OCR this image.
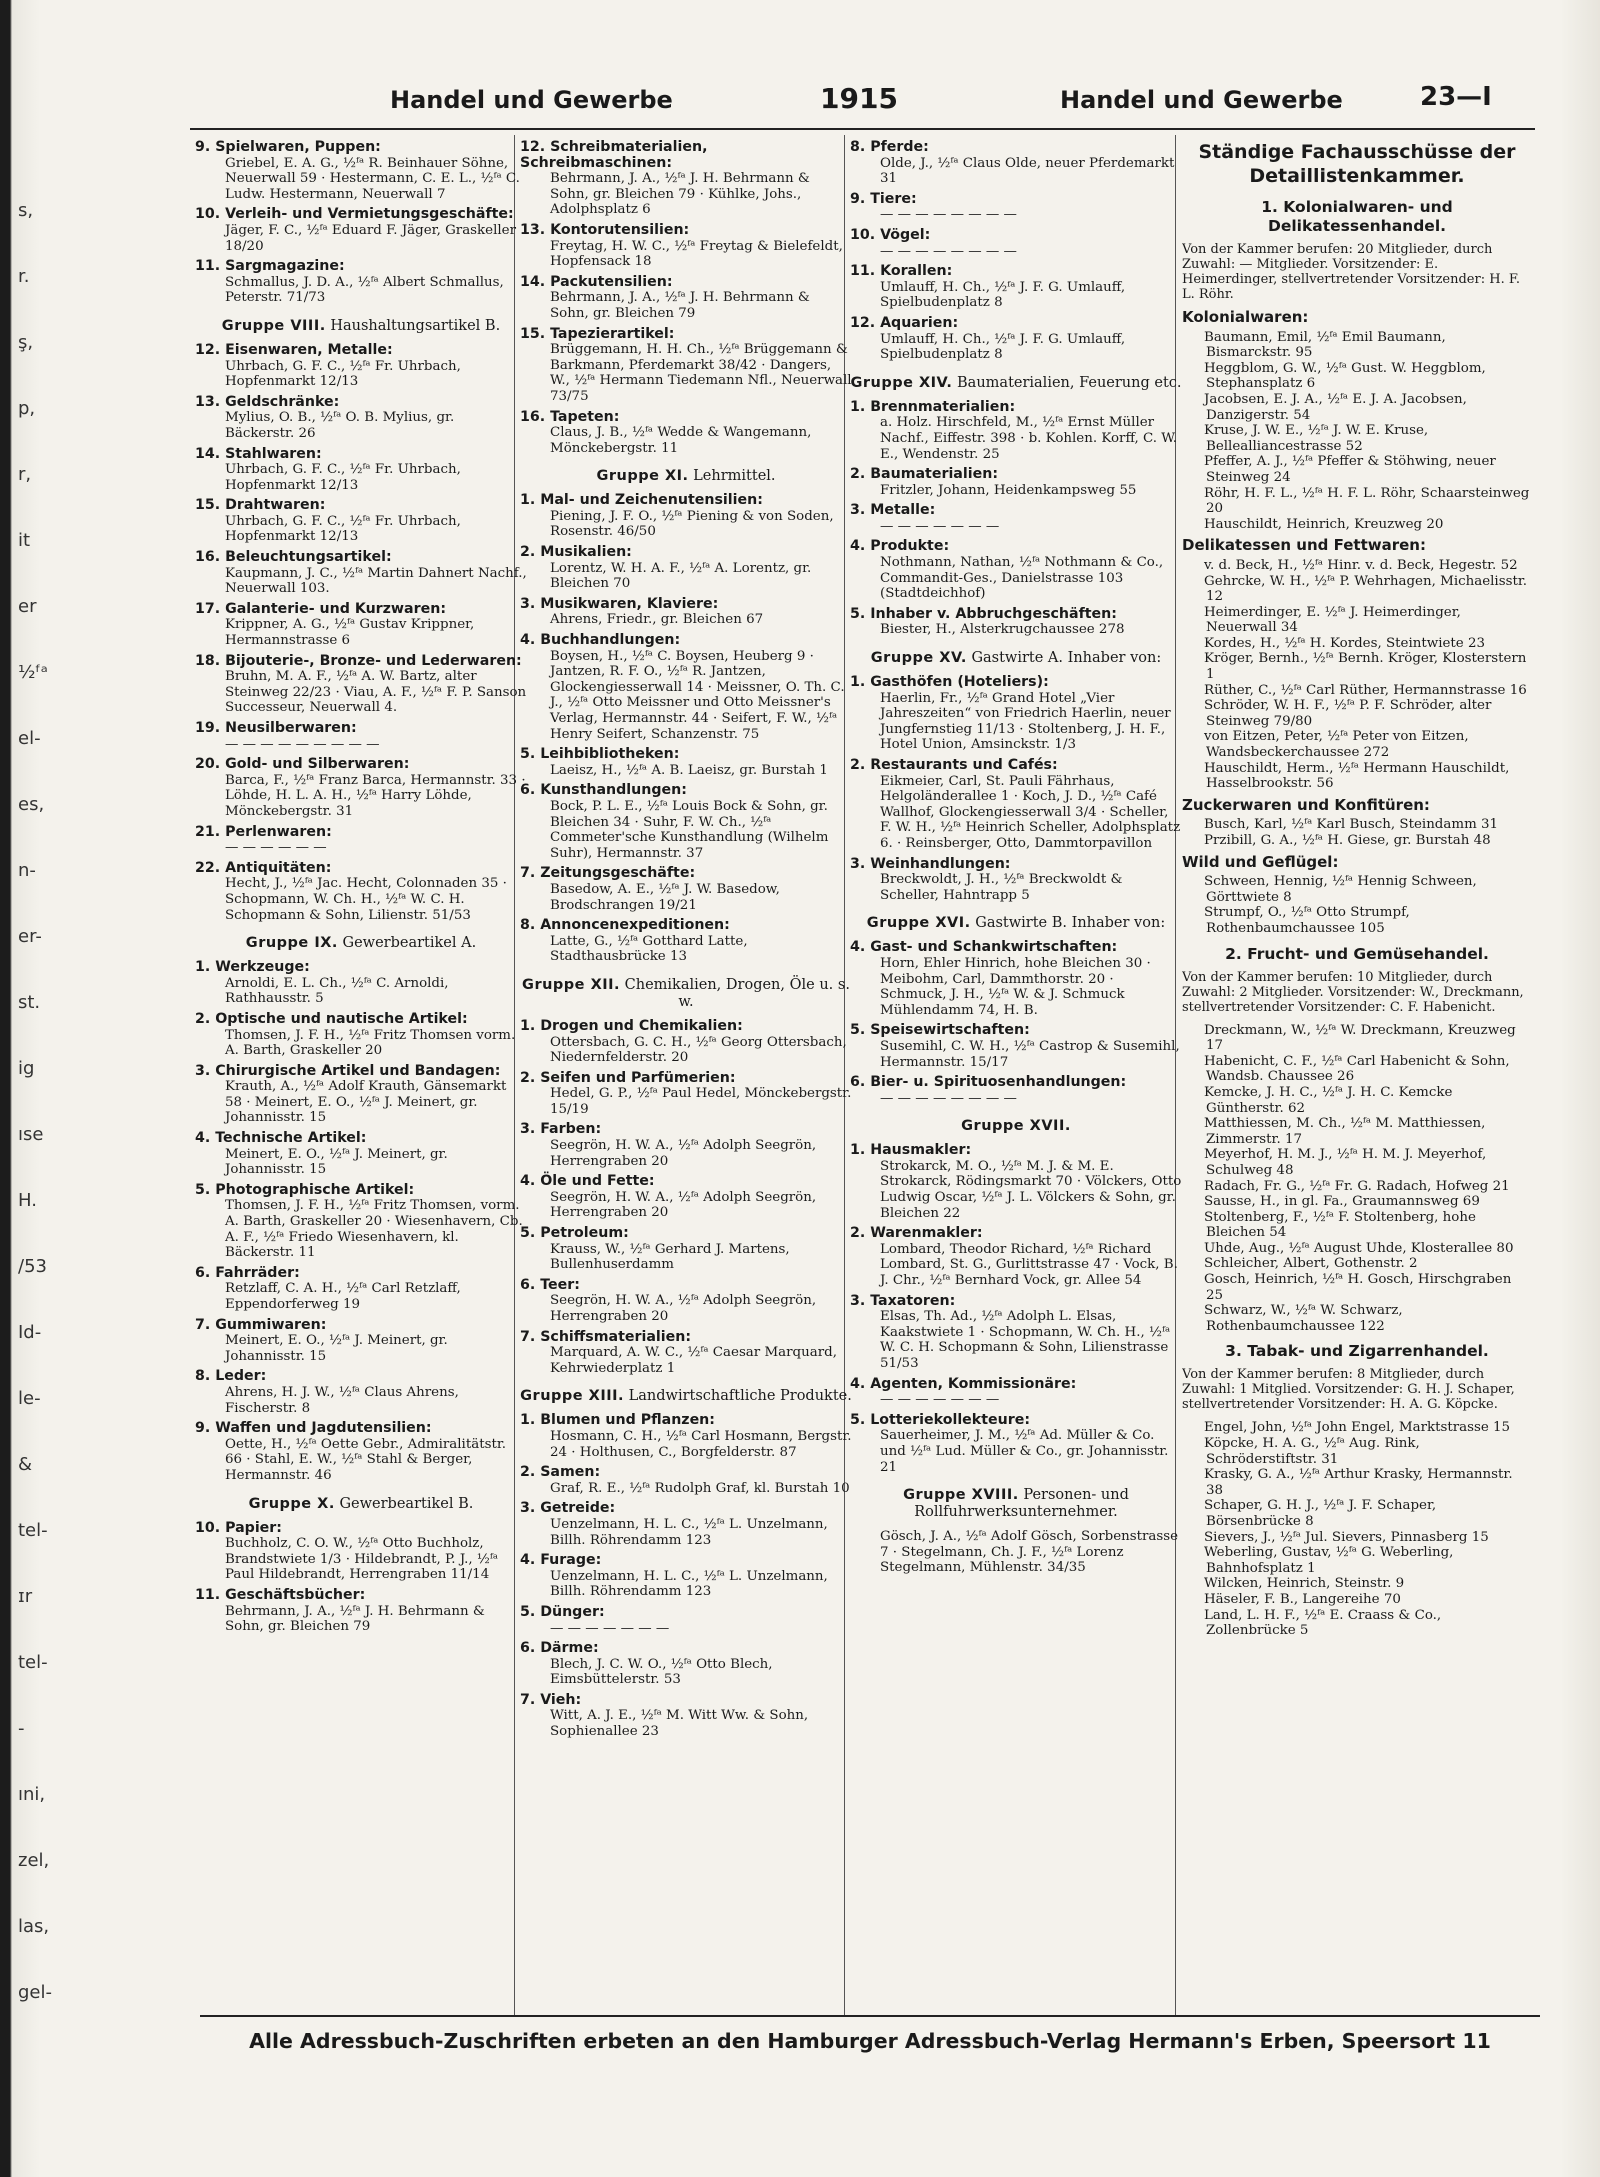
s,
r.
ş,
p,
r,
it
er
½ᶠᵃ
el-
es,
n-
er-
st.
ig
ıse
H.
/53
Id-
le-
&
tel-
ɪr
tel-
-
ıni,
zel,
las,
gel-
Handel und Gewerbe	1915	Handel und Gewerbe	23—I
9. Spielwaren, Puppen:
Griebel, E. A. G., ½ᶠᵃ R. Beinhauer Söhne, Neuerwall 59 · Hestermann, C. E. L., ½ᶠᵃ C. Ludw. Hestermann, Neuerwall 7
10. Verleih- und Vermietungsgeschäfte:
Jäger, F. C., ½ᶠᵃ Eduard F. Jäger, Graskeller 18/20
11. Sargmagazine:
Schmallus, J. D. A., ½ᶠᵃ Albert Schmallus, Peterstr. 71/73
Gruppe VIII. Haushaltungsartikel B.
12. Eisenwaren, Metalle:
Uhrbach, G. F. C., ½ᶠᵃ Fr. Uhrbach, Hopfenmarkt 12/13
13. Geldschränke:
Mylius, O. B., ½ᶠᵃ O. B. Mylius, gr. Bäckerstr. 26
14. Stahlwaren:
Uhrbach, G. F. C., ½ᶠᵃ Fr. Uhrbach, Hopfenmarkt 12/13
15. Drahtwaren:
Uhrbach, G. F. C., ½ᶠᵃ Fr. Uhrbach, Hopfenmarkt 12/13
16. Beleuchtungsartikel:
Kaupmann, J. C., ½ᶠᵃ Martin Dahnert Nachf., Neuerwall 103.
17. Galanterie- und Kurzwaren:
Krippner, A. G., ½ᶠᵃ Gustav Krippner, Hermannstrasse 6
18. Bijouterie-, Bronze- und Lederwaren:
Bruhn, M. A. F., ½ᶠᵃ A. W. Bartz, alter Steinweg 22/23 · Viau, A. F., ½ᶠᵃ F. P. Sanson Successeur, Neuerwall 4.
19. Neusilberwaren:
— — — — — — — — —
20. Gold- und Silberwaren:
Barca, F., ½ᶠᵃ Franz Barca, Hermannstr. 33 · Löhde, H. L. A. H., ½ᶠᵃ Harry Löhde, Mönckebergstr. 31
21. Perlenwaren:
— — — — — —
22. Antiquitäten:
Hecht, J., ½ᶠᵃ Jac. Hecht, Colonnaden 35 · Schopmann, W. Ch. H., ½ᶠᵃ W. C. H. Schopmann & Sohn, Lilienstr. 51/53
Gruppe IX. Gewerbeartikel A.
1. Werkzeuge:
Arnoldi, E. L. Ch., ½ᶠᵃ C. Arnoldi, Rathhausstr. 5
2. Optische und nautische Artikel:
Thomsen, J. F. H., ½ᶠᵃ Fritz Thomsen vorm. A. Barth, Graskeller 20
3. Chirurgische Artikel und Bandagen:
Krauth, A., ½ᶠᵃ Adolf Krauth, Gänsemarkt 58 · Meinert, E. O., ½ᶠᵃ J. Meinert, gr. Johannisstr. 15
4. Technische Artikel:
Meinert, E. O., ½ᶠᵃ J. Meinert, gr. Johannisstr. 15
5. Photographische Artikel:
Thomsen, J. F. H., ½ᶠᵃ Fritz Thomsen, vorm. A. Barth, Graskeller 20 · Wiesenhavern, Cb. A. F., ½ᶠᵃ Friedo Wiesenhavern, kl. Bäckerstr. 11
6. Fahrräder:
Retzlaff, C. A. H., ½ᶠᵃ Carl Retzlaff, Eppendorferweg 19
7. Gummiwaren:
Meinert, E. O., ½ᶠᵃ J. Meinert, gr. Johannisstr. 15
8. Leder:
Ahrens, H. J. W., ½ᶠᵃ Claus Ahrens, Fischerstr. 8
9. Waffen und Jagdutensilien:
Oette, H., ½ᶠᵃ Oette Gebr., Admiralitätstr. 66 · Stahl, E. W., ½ᶠᵃ Stahl & Berger, Hermannstr. 46
Gruppe X. Gewerbeartikel B.
10. Papier:
Buchholz, C. O. W., ½ᶠᵃ Otto Buchholz, Brandstwiete 1/3 · Hildebrandt, P. J., ½ᶠᵃ Paul Hildebrandt, Herrengraben 11/14
11. Geschäftsbücher:
Behrmann, J. A., ½ᶠᵃ J. H. Behrmann & Sohn, gr. Bleichen 79
12. Schreibmaterialien, Schreibmaschinen:
Behrmann, J. A., ½ᶠᵃ J. H. Behrmann & Sohn, gr. Bleichen 79 · Kühlke, Johs., Adolphsplatz 6
13. Kontorutensilien:
Freytag, H. W. C., ½ᶠᵃ Freytag & Bielefeldt, Hopfensack 18
14. Packutensilien:
Behrmann, J. A., ½ᶠᵃ J. H. Behrmann & Sohn, gr. Bleichen 79
15. Tapezierartikel:
Brüggemann, H. H. Ch., ½ᶠᵃ Brüggemann & Barkmann, Pferdemarkt 38/42 · Dangers, W., ½ᶠᵃ Hermann Tiedemann Nfl., Neuerwall 73/75
16. Tapeten:
Claus, J. B., ½ᶠᵃ Wedde & Wangemann, Mönckebergstr. 11
Gruppe XI. Lehrmittel.
1. Mal- und Zeichenutensilien:
Piening, J. F. O., ½ᶠᵃ Piening & von Soden, Rosenstr. 46/50
2. Musikalien:
Lorentz, W. H. A. F., ½ᶠᵃ A. Lorentz, gr. Bleichen 70
3. Musikwaren, Klaviere:
Ahrens, Friedr., gr. Bleichen 67
4. Buchhandlungen:
Boysen, H., ½ᶠᵃ C. Boysen, Heuberg 9 · Jantzen, R. F. O., ½ᶠᵃ R. Jantzen, Glockengiesserwall 14 · Meissner, O. Th. C. J., ½ᶠᵃ Otto Meissner und Otto Meissner's Verlag, Hermannstr. 44 · Seifert, F. W., ½ᶠᵃ Henry Seifert, Schanzenstr. 75
5. Leihbibliotheken:
Laeisz, H., ½ᶠᵃ A. B. Laeisz, gr. Burstah 1
6. Kunsthandlungen:
Bock, P. L. E., ½ᶠᵃ Louis Bock & Sohn, gr. Bleichen 34 · Suhr, F. W. Ch., ½ᶠᵃ Commeter'sche Kunsthandlung (Wilhelm Suhr), Hermannstr. 37
7. Zeitungsgeschäfte:
Basedow, A. E., ½ᶠᵃ J. W. Basedow, Brodschrangen 19/21
8. Annoncenexpeditionen:
Latte, G., ½ᶠᵃ Gotthard Latte, Stadthausbrücke 13
Gruppe XII. Chemikalien, Drogen, Öle u. s. w.
1. Drogen und Chemikalien:
Ottersbach, G. C. H., ½ᶠᵃ Georg Ottersbach, Niedernfelderstr. 20
2. Seifen und Parfümerien:
Hedel, G. P., ½ᶠᵃ Paul Hedel, Mönckebergstr. 15/19
3. Farben:
Seegrön, H. W. A., ½ᶠᵃ Adolph Seegrön, Herrengraben 20
4. Öle und Fette:
Seegrön, H. W. A., ½ᶠᵃ Adolph Seegrön, Herrengraben 20
5. Petroleum:
Krauss, W., ½ᶠᵃ Gerhard J. Martens, Bullenhuserdamm
6. Teer:
Seegrön, H. W. A., ½ᶠᵃ Adolph Seegrön, Herrengraben 20
7. Schiffsmaterialien:
Marquard, A. W. C., ½ᶠᵃ Caesar Marquard, Kehrwiederplatz 1
Gruppe XIII. Landwirtschaftliche Produkte.
1. Blumen und Pflanzen:
Hosmann, C. H., ½ᶠᵃ Carl Hosmann, Bergstr. 24 · Holthusen, C., Borgfelderstr. 87
2. Samen:
Graf, R. E., ½ᶠᵃ Rudolph Graf, kl. Burstah 10
3. Getreide:
Uenzelmann, H. L. C., ½ᶠᵃ L. Unzelmann, Billh. Röhrendamm 123
4. Furage:
Uenzelmann, H. L. C., ½ᶠᵃ L. Unzelmann, Billh. Röhrendamm 123
5. Dünger:
— — — — — — —
6. Därme:
Blech, J. C. W. O., ½ᶠᵃ Otto Blech, Eimsbüttelerstr. 53
7. Vieh:
Witt, A. J. E., ½ᶠᵃ M. Witt Ww. & Sohn, Sophienallee 23
8. Pferde:
Olde, J., ½ᶠᵃ Claus Olde, neuer Pferdemarkt 31
9. Tiere:
— — — — — — — —
10. Vögel:
— — — — — — — —
11. Korallen:
Umlauff, H. Ch., ½ᶠᵃ J. F. G. Umlauff, Spielbudenplatz 8
12. Aquarien:
Umlauff, H. Ch., ½ᶠᵃ J. F. G. Umlauff, Spielbudenplatz 8
Gruppe XIV. Baumaterialien, Feuerung etc.
1. Brennmaterialien:
a. Holz. Hirschfeld, M., ½ᶠᵃ Ernst Müller Nachf., Eiffestr. 398 · b. Kohlen. Korff, C. W. E., Wendenstr. 25
2. Baumaterialien:
Fritzler, Johann, Heidenkampsweg 55
3. Metalle:
— — — — — — —
4. Produkte:
Nothmann, Nathan, ½ᶠᵃ Nothmann & Co., Commandit-Ges., Danielstrasse 103 (Stadtdeichhof)
5. Inhaber v. Abbruchgeschäften:
Biester, H., Alsterkrugchaussee 278
Gruppe XV. Gastwirte A. Inhaber von:
1. Gasthöfen (Hoteliers):
Haerlin, Fr., ½ᶠᵃ Grand Hotel „Vier Jahreszeiten“ von Friedrich Haerlin, neuer Jungfernstieg 11/13 · Stoltenberg, J. H. F., Hotel Union, Amsinckstr. 1/3
2. Restaurants und Cafés:
Eikmeier, Carl, St. Pauli Fährhaus, Helgoländerallee 1 · Koch, J. D., ½ᶠᵃ Café Wallhof, Glockengiesserwall 3/4 · Scheller, F. W. H., ½ᶠᵃ Heinrich Scheller, Adolphsplatz 6. · Reinsberger, Otto, Dammtorpavillon
3. Weinhandlungen:
Breckwoldt, J. H., ½ᶠᵃ Breckwoldt & Scheller, Hahntrapp 5
Gruppe XVI. Gastwirte B. Inhaber von:
4. Gast- und Schankwirtschaften:
Horn, Ehler Hinrich, hohe Bleichen 30 · Meibohm, Carl, Dammthorstr. 20 · Schmuck, J. H., ½ᶠᵃ W. & J. Schmuck Mühlendamm 74, H. B.
5. Speisewirtschaften:
Susemihl, C. W. H., ½ᶠᵃ Castrop & Susemihl, Hermannstr. 15/17
6. Bier- u. Spirituosenhandlungen:
— — — — — — — —
Gruppe XVII.
1. Hausmakler:
Strokarck, M. O., ½ᶠᵃ M. J. & M. E. Strokarck, Rödingsmarkt 70 · Völckers, Otto Ludwig Oscar, ½ᶠᵃ J. L. Völckers & Sohn, gr. Bleichen 22
2. Warenmakler:
Lombard, Theodor Richard, ½ᶠᵃ Richard Lombard, St. G., Gurlittstrasse 47 · Vock, B. J. Chr., ½ᶠᵃ Bernhard Vock, gr. Allee 54
3. Taxatoren:
Elsas, Th. Ad., ½ᶠᵃ Adolph L. Elsas, Kaakstwiete 1 · Schopmann, W. Ch. H., ½ᶠᵃ W. C. H. Schopmann & Sohn, Lilienstrasse 51/53
4. Agenten, Kommissionäre:
— — — — — — —
5. Lotteriekollekteure:
Sauerheimer, J. M., ½ᶠᵃ Ad. Müller & Co. und ½ᶠᵃ Lud. Müller & Co., gr. Johannisstr. 21
Gruppe XVIII. Personen- und Rollfuhrwerksunternehmer.
Gösch, J. A., ½ᶠᵃ Adolf Gösch, Sorbenstrasse 7 · Stegelmann, Ch. J. F., ½ᶠᵃ Lorenz Stegelmann, Mühlenstr. 34/35
Ständige Fachausschüsse der Detaillistenkammer.
1. Kolonialwaren- und Delikatessenhandel.
Von der Kammer berufen: 20 Mitglieder, durch Zuwahl: — Mitglieder. Vorsitzender: E. Heimerdinger, stellvertretender Vorsitzender: H. F. L. Röhr.
Kolonialwaren:
Baumann, Emil, ½ᶠᵃ Emil Baumann, Bismarckstr. 95
Heggblom, G. W., ½ᶠᵃ Gust. W. Heggblom, Stephansplatz 6
Jacobsen, E. J. A., ½ᶠᵃ E. J. A. Jacobsen, Danzigerstr. 54
Kruse, J. W. E., ½ᶠᵃ J. W. E. Kruse, Bellealliancestrasse 52
Pfeffer, A. J., ½ᶠᵃ Pfeffer & Stöhwing, neuer Steinweg 24
Röhr, H. F. L., ½ᶠᵃ H. F. L. Röhr, Schaarsteinweg 20
Hauschildt, Heinrich, Kreuzweg 20
Delikatessen und Fettwaren:
v. d. Beck, H., ½ᶠᵃ Hinr. v. d. Beck, Hegestr. 52
Gehrcke, W. H., ½ᶠᵃ P. Wehrhagen, Michaelisstr. 12
Heimerdinger, E. ½ᶠᵃ J. Heimerdinger, Neuerwall 34
Kordes, H., ½ᶠᵃ H. Kordes, Steintwiete 23
Kröger, Bernh., ½ᶠᵃ Bernh. Kröger, Klosterstern 1
Rüther, C., ½ᶠᵃ Carl Rüther, Hermannstrasse 16
Schröder, W. H. F., ½ᶠᵃ P. F. Schröder, alter Steinweg 79/80
von Eitzen, Peter, ½ᶠᵃ Peter von Eitzen, Wandsbeckerchaussee 272
Hauschildt, Herm., ½ᶠᵃ Hermann Hauschildt, Hasselbrookstr. 56
Zuckerwaren und Konfitüren:
Busch, Karl, ½ᶠᵃ Karl Busch, Steindamm 31
Przibill, G. A., ½ᶠᵃ H. Giese, gr. Burstah 48
Wild und Geflügel:
Schween, Hennig, ½ᶠᵃ Hennig Schween, Görttwiete 8
Strumpf, O., ½ᶠᵃ Otto Strumpf, Rothenbaumchaussee 105
2. Frucht- und Gemüsehandel.
Von der Kammer berufen: 10 Mitglieder, durch Zuwahl: 2 Mitglieder. Vorsitzender: W., Dreckmann, stellvertretender Vorsitzender: C. F. Habenicht.
Dreckmann, W., ½ᶠᵃ W. Dreckmann, Kreuzweg 17
Habenicht, C. F., ½ᶠᵃ Carl Habenicht & Sohn, Wandsb. Chaussee 26
Kemcke, J. H. C., ½ᶠᵃ J. H. C. Kemcke Güntherstr. 62
Matthiessen, M. Ch., ½ᶠᵃ M. Matthiessen, Zimmerstr. 17
Meyerhof, H. M. J., ½ᶠᵃ H. M. J. Meyerhof, Schulweg 48
Radach, Fr. G., ½ᶠᵃ Fr. G. Radach, Hofweg 21
Sausse, H., in gl. Fa., Graumannsweg 69
Stoltenberg, F., ½ᶠᵃ F. Stoltenberg, hohe Bleichen 54
Uhde, Aug., ½ᶠᵃ August Uhde, Klosterallee 80
Schleicher, Albert, Gothenstr. 2
Gosch, Heinrich, ½ᶠᵃ H. Gosch, Hirschgraben 25
Schwarz, W., ½ᶠᵃ W. Schwarz, Rothenbaumchaussee 122
3. Tabak- und Zigarrenhandel.
Von der Kammer berufen: 8 Mitglieder, durch Zuwahl: 1 Mitglied. Vorsitzender: G. H. J. Schaper, stellvertretender Vorsitzender: H. A. G. Köpcke.
Engel, John, ½ᶠᵃ John Engel, Marktstrasse 15
Köpcke, H. A. G., ½ᶠᵃ Aug. Rink, Schröderstiftstr. 31
Krasky, G. A., ½ᶠᵃ Arthur Krasky, Hermannstr. 38
Schaper, G. H. J., ½ᶠᵃ J. F. Schaper, Börsenbrücke 8
Sievers, J., ½ᶠᵃ Jul. Sievers, Pinnasberg 15
Weberling, Gustav, ½ᶠᵃ G. Weberling, Bahnhofsplatz 1
Wilcken, Heinrich, Steinstr. 9
Häseler, F. B., Langereihe 70
Land, L. H. F., ½ᶠᵃ E. Craass & Co., Zollenbrücke 5
Alle Adressbuch-Zuschriften erbeten an den Hamburger Adressbuch-Verlag Hermann's Erben, Speersort 11
